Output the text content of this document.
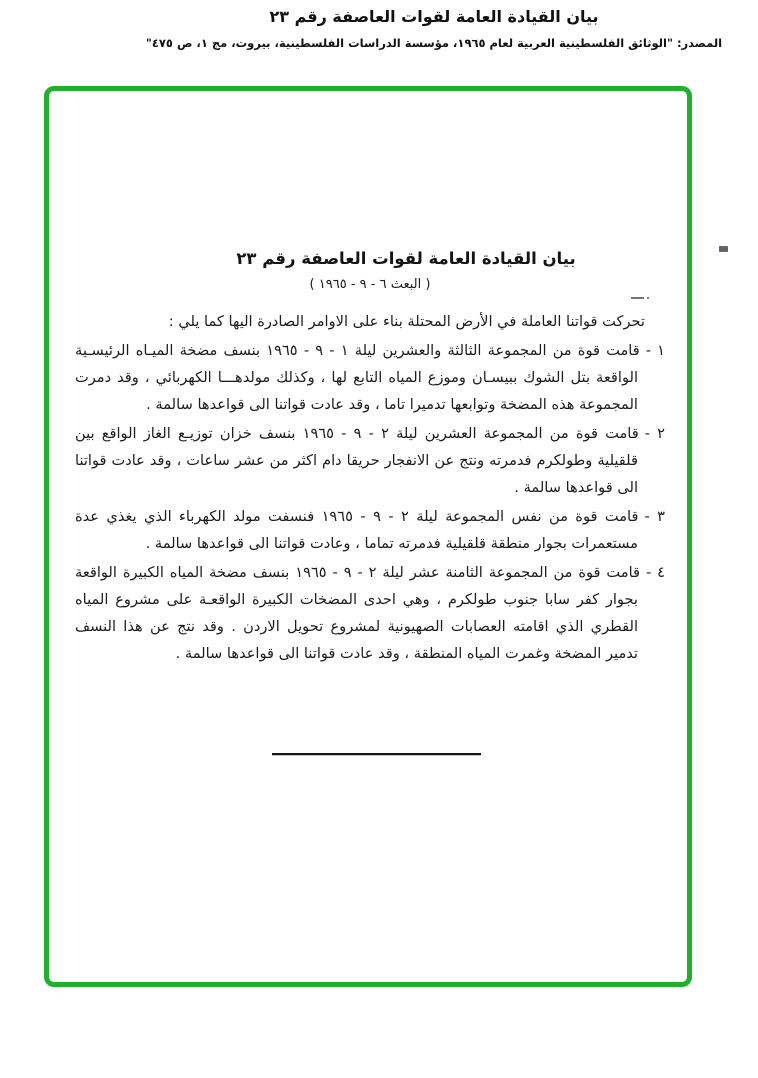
بيان القيادة العامة لقوات العاصفة رقم ٢٣
المصدر: "الوثائق الفلسطينية العربية لعام ١٩٦٥، مؤسسة الدراسات الفلسطينية، بيروت، مج ١، ص ٤٧٥"
بيان القيادة العامة لقوات العاصفة رقم ٢٣
( البعث ٦ - ٩ - ١٩٦٥ )

تحركت قواتنا العاملة في الأرض المحتلة بناء على الاوامر الصادرة اليها كما يلي :

١ -قامت قوة من المجموعة الثالثة والعشرين ليلة ١ - ٩ - ١٩٦٥ بنسف مضخة الميـاه الرئيسـية الواقعة بتل الشوك ببيسـان وموزع المياه التابع لها ، وكذلك مولدهـــا الكهربائي ، وقد دمرت المجموعة هذه المضخة وتوابعها تدميرا تاما ، وقد عادت قواتنا الى قواعدها سالمة .

٢ -قامت قوة من المجموعة العشرين ليلة ٢ - ٩ - ١٩٦٥ بنسف خزان توزيـع الغاز الواقع بين قلقيلية وطولكرم فدمرته ونتج عن الانفجار حريقا دام اكثر من عشر ساعات ، وقد عادت قواتنا الى قواعدها سالمة .

٣ -قامت قوة من نفس المجموعة ليلة ٢ - ٩ - ١٩٦٥ فنسفت مولد الكهرباء الذي يغذي عدة مستعمرات بجوار منطقة قلقيلية فدمرته تماما ، وعادت قواتنا الى قواعدها سالمة .

٤ -قامت قوة من المجموعة الثامنة عشر ليلة ٢ - ٩ - ١٩٦٥ بنسف مضخة المياه الكبيرة الواقعة بجوار كفر سابا جنوب طولكرم ، وهي احدى المضخات الكبيرة الواقعـة على مشروع المياه القطري الذي اقامته العصابات الصهيونية لمشروع تحويل الاردن . وقد نتج عن هذا النسف تدمير المضخة وغمرت المياه المنطقة ، وقد عادت قواتنا الى قواعدها سالمة .
